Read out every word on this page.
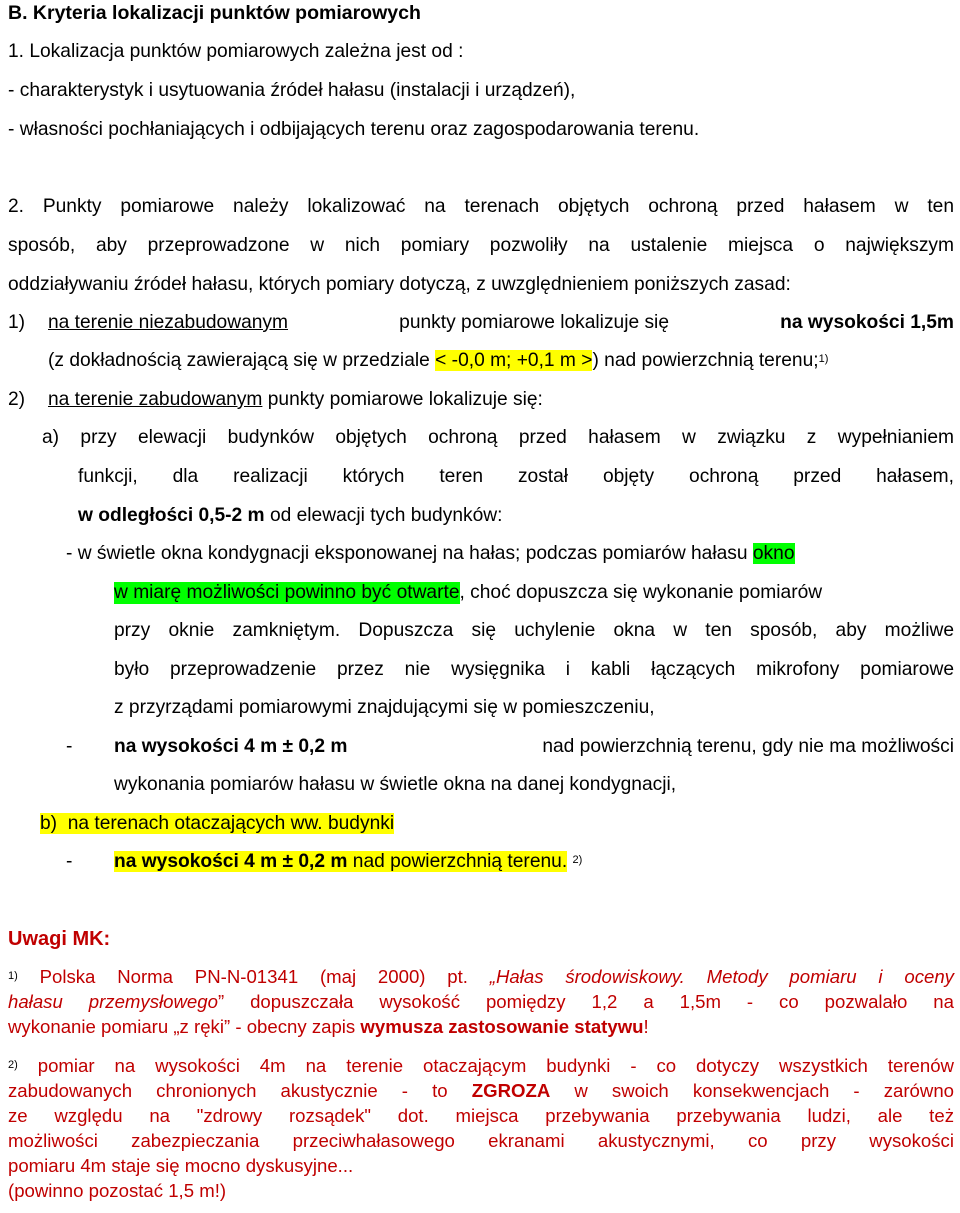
B. Kryteria lokalizacji punktów pomiarowych
1. Lokalizacja punktów pomiarowych zależna jest od :
- charakterystyk i usytuowania źródeł hałasu (instalacji i urządzeń),
- własności pochłaniających i odbijających terenu oraz zagospodarowania terenu.
2. Punkty pomiarowe należy lokalizować na terenach objętych ochroną przed hałasem w ten
sposób, aby przeprowadzone w nich pomiary pozwoliły na ustalenie miejsca o największym
oddziaływaniu źródeł hałasu, których pomiary dotyczą, z uwzględnieniem poniższych zasad:
1) na terenie niezabudowanym	punkty pomiarowe lokalizuje się	na wysokości 1,5m
(z dokładnością zawierającą się w przedziale < -0,0 m; +0,1 m >) nad powierzchnią terenu;$^{1)}$
2) na terenie zabudowanym punkty pomiarowe lokalizuje się:
a) przy elewacji budynków objętych ochroną przed hałasem w związku z wypełnianiem
funkcji, dla realizacji których teren został objęty ochroną przed hałasem,
w odległości 0,5-2 m od elewacji tych budynków:
- w świetle okna kondygnacji eksponowanej na hałas; podczas pomiarów hałasu okno
w miarę możliwości powinno być otwarte , choć dopuszcza się wykonanie pomiarów
przy oknie zamkniętym. Dopuszcza się uchylenie okna w ten sposób, aby możliwe
było przeprowadzenie przez nie wysięgnika i kabli łączących mikrofony pomiarowe
z przyrządami pomiarowymi znajdującymi się w pomieszczeniu,
- na wysokości 4 m ± 0,2 m	nad powierzchnią terenu, gdy nie ma możliwości
wykonania pomiarów hałasu w świetle okna na danej kondygnacji,
b)  na terenach otaczających ww. budynki
- na wysokości 4 m ± 0,2 m nad powierzchnią terenu. $^{2)}$
Uwagi MK:
$^{1)}$ Polska Norma PN-N-01341 (maj 2000) pt. „Hałas środowiskowy. Metody pomiaru i oceny
hałasu przemysłowego” dopuszczała wysokość pomiędzy 1,2 a 1,5m - co pozwalało na
wykonanie pomiaru „z ręki” - obecny zapis wymusza zastosowanie statywu!
$^{2)}$ pomiar na wysokości 4m na terenie otaczającym budynki - co dotyczy wszystkich terenów
zabudowanych chronionych akustycznie - to ZGROZA w swoich konsekwencjach - zarówno
ze względu na "zdrowy rozsądek" dot. miejsca przebywania przebywania ludzi, ale też
możliwości zabezpieczania przeciwhałasowego ekranami akustycznymi, co przy wysokości
pomiaru 4m staje się mocno dyskusyjne...
(powinno pozostać 1,5 m!)
